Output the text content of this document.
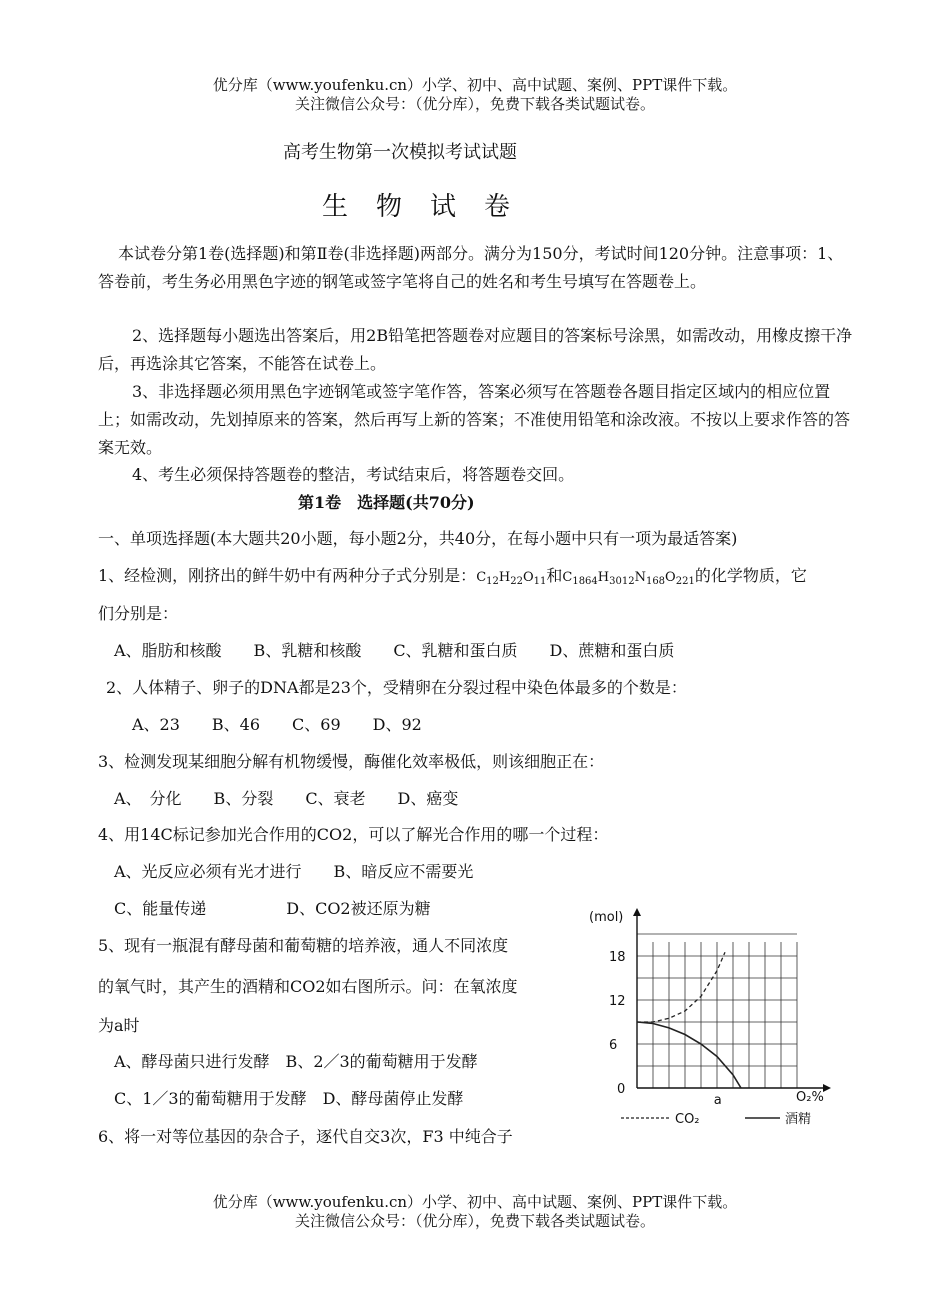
优分库（www.youfenku.cn）小学、初中、高中试题、案例、PPT课件下载。
关注微信公众号：（优分库），免费下载各类试题试卷。
高考生物第一次模拟考试试题
生物试卷
本试卷分第1卷(选择题)和第Ⅱ卷(非选择题)两部分。满分为150分，考试时间120分钟。注意事项：1、答卷前，考生务必用黑色字迹的钢笔或签字笔将自己的姓名和考生号填写在答题卷上。
2、选择题每小题选出答案后，用2B铅笔把答题卷对应题目的答案标号涂黑，如需改动，用橡皮擦干净后，再选涂其它答案，不能答在试卷上。
3、非选择题必须用黑色字迹钢笔或签字笔作答，答案必须写在答题卷各题目指定区域内的相应位置上；如需改动，先划掉原来的答案，然后再写上新的答案；不准使用铅笔和涂改液。不按以上要求作答的答案无效。
4、考生必须保持答题卷的整洁，考试结束后，将答题卷交回。
第1卷　选择题(共70分)
一、单项选择题(本大题共20小题，每小题2分，共40分，在每小题中只有一项为最适答案)
1、经检测，刚挤出的鲜牛奶中有两种分子式分别是：$C_{12}H_{22}O_{11}$和$C_{1864}H_{3012}N_{168}O_{221}$的化学物质，它
们分别是：
A、脂肪和核酸　　B、乳糖和核酸　　C、乳糖和蛋白质　　D、蔗糖和蛋白质
2、人体精子、卵子的DNA都是23个，受精卵在分裂过程中染色体最多的个数是：
A、23　　B、46　　C、69　　D、92
3、检测发现某细胞分解有机物缓慢，酶催化效率极低，则该细胞正在：
A、　分化　　B、分裂　　C、衰老　　D、癌变
4、用14C标记参加光合作用的CO2，可以了解光合作用的哪一个过程：
A、光反应必须有光才进行　　B、暗反应不需要光
C、能量传递　　　　　D、CO2被还原为糖
5、现有一瓶混有酵母菌和葡萄糖的培养液，通人不同浓度
的氧气时，其产生的酒精和CO2如右图所示。问：在氧浓度
为a时
A、酵母菌只进行发酵　B、2／3的葡萄糖用于发酵
C、1／3的葡萄糖用于发酵　D、酵母菌停止发酵
6、将一对等位基因的杂合子，逐代自交3次，F3 中纯合子
(mol)
0
6
12
18
a	O₂%
CO₂	酒精
优分库（www.youfenku.cn）小学、初中、高中试题、案例、PPT课件下载。
关注微信公众号：（优分库），免费下载各类试题试卷。
